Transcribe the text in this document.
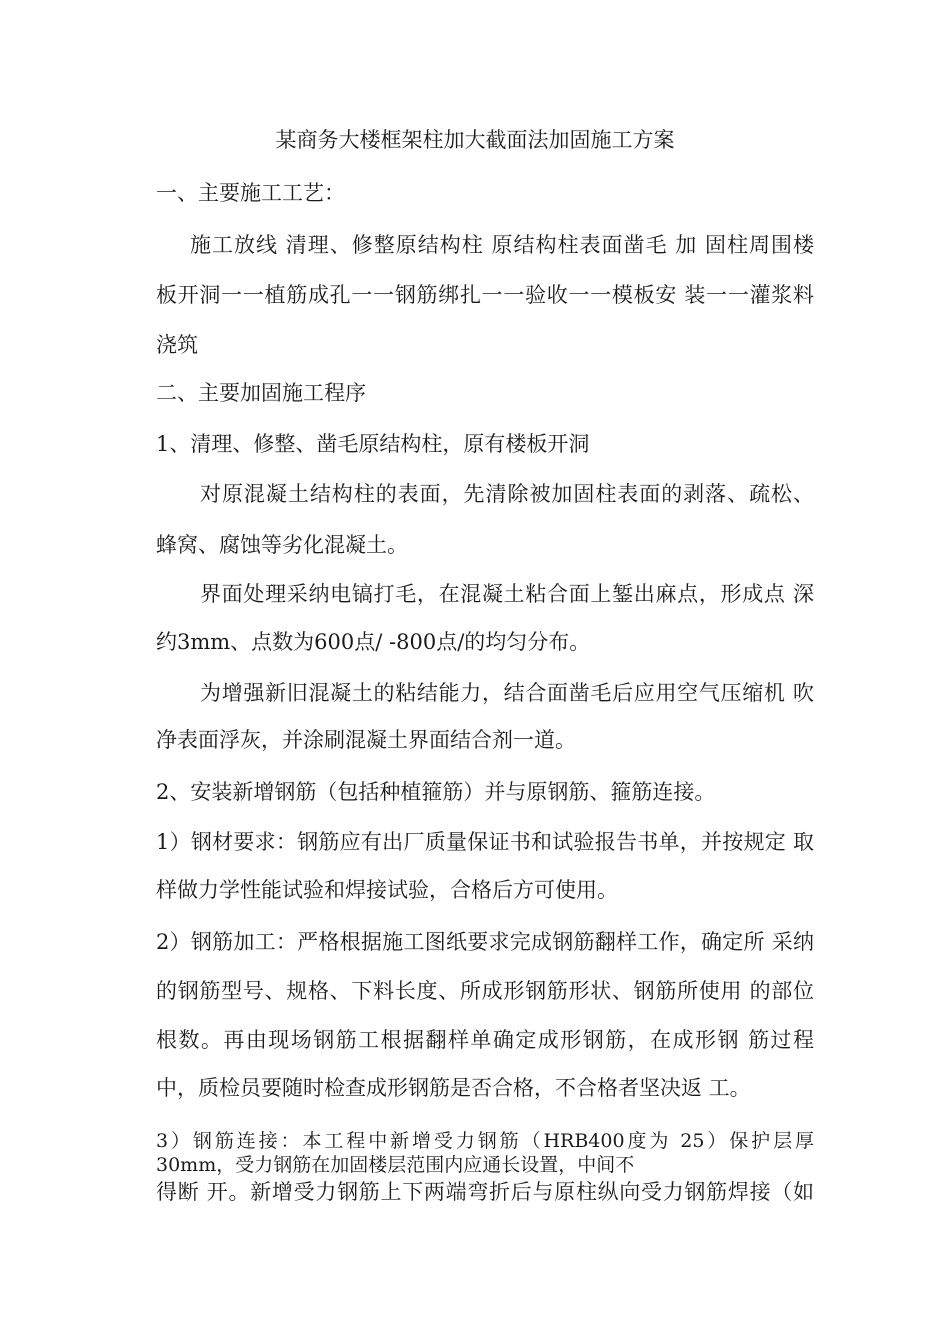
某商务大楼框架柱加大截面法加固施工方案
一、主要施工工艺：
施工放线 清理、修整原结构柱 原结构柱表面凿毛 加 固柱周围楼
板开洞一一植筋成孔一一钢筋绑扎一一验收一一模板安 装一一灌浆料
浇筑
二、主要加固施工程序
1、清理、修整、凿毛原结构柱，原有楼板开洞
对原混凝土结构柱的表面，先清除被加固柱表面的剥落、疏松、
蜂窝、腐蚀等劣化混凝土。
界面处理采纳电镐打毛，在混凝土粘合面上錾出麻点，形成点 深
约3mm、点数为600点/ -800点/的均匀分布。
为增强新旧混凝土的粘结能力，结合面凿毛后应用空气压缩机 吹
净表面浮灰，并涂刷混凝土界面结合剂一道。
2、安装新增钢筋（包括种植箍筋）并与原钢筋、箍筋连接。
1）钢材要求：钢筋应有出厂质量保证书和试验报告书单，并按规定 取
样做力学性能试验和焊接试验，合格后方可使用。
2）钢筋加工：严格根据施工图纸要求完成钢筋翻样工作，确定所 采纳
的钢筋型号、规格、下料长度、所成形钢筋形状、钢筋所使用 的部位
根数。再由现场钢筋工根据翻样单确定成形钢筋，在成形钢 筋过程
中，质检员要随时检查成形钢筋是否合格，不合格者坚决返 工。
3）钢筋连接：本工程中新增受力钢筋（HRB400度为 25）保护层厚
30mm，受力钢筋在加固楼层范围内应通长设置，中间不
得断 开。新增受力钢筋上下两端弯折后与原柱纵向受力钢筋焊接（如
